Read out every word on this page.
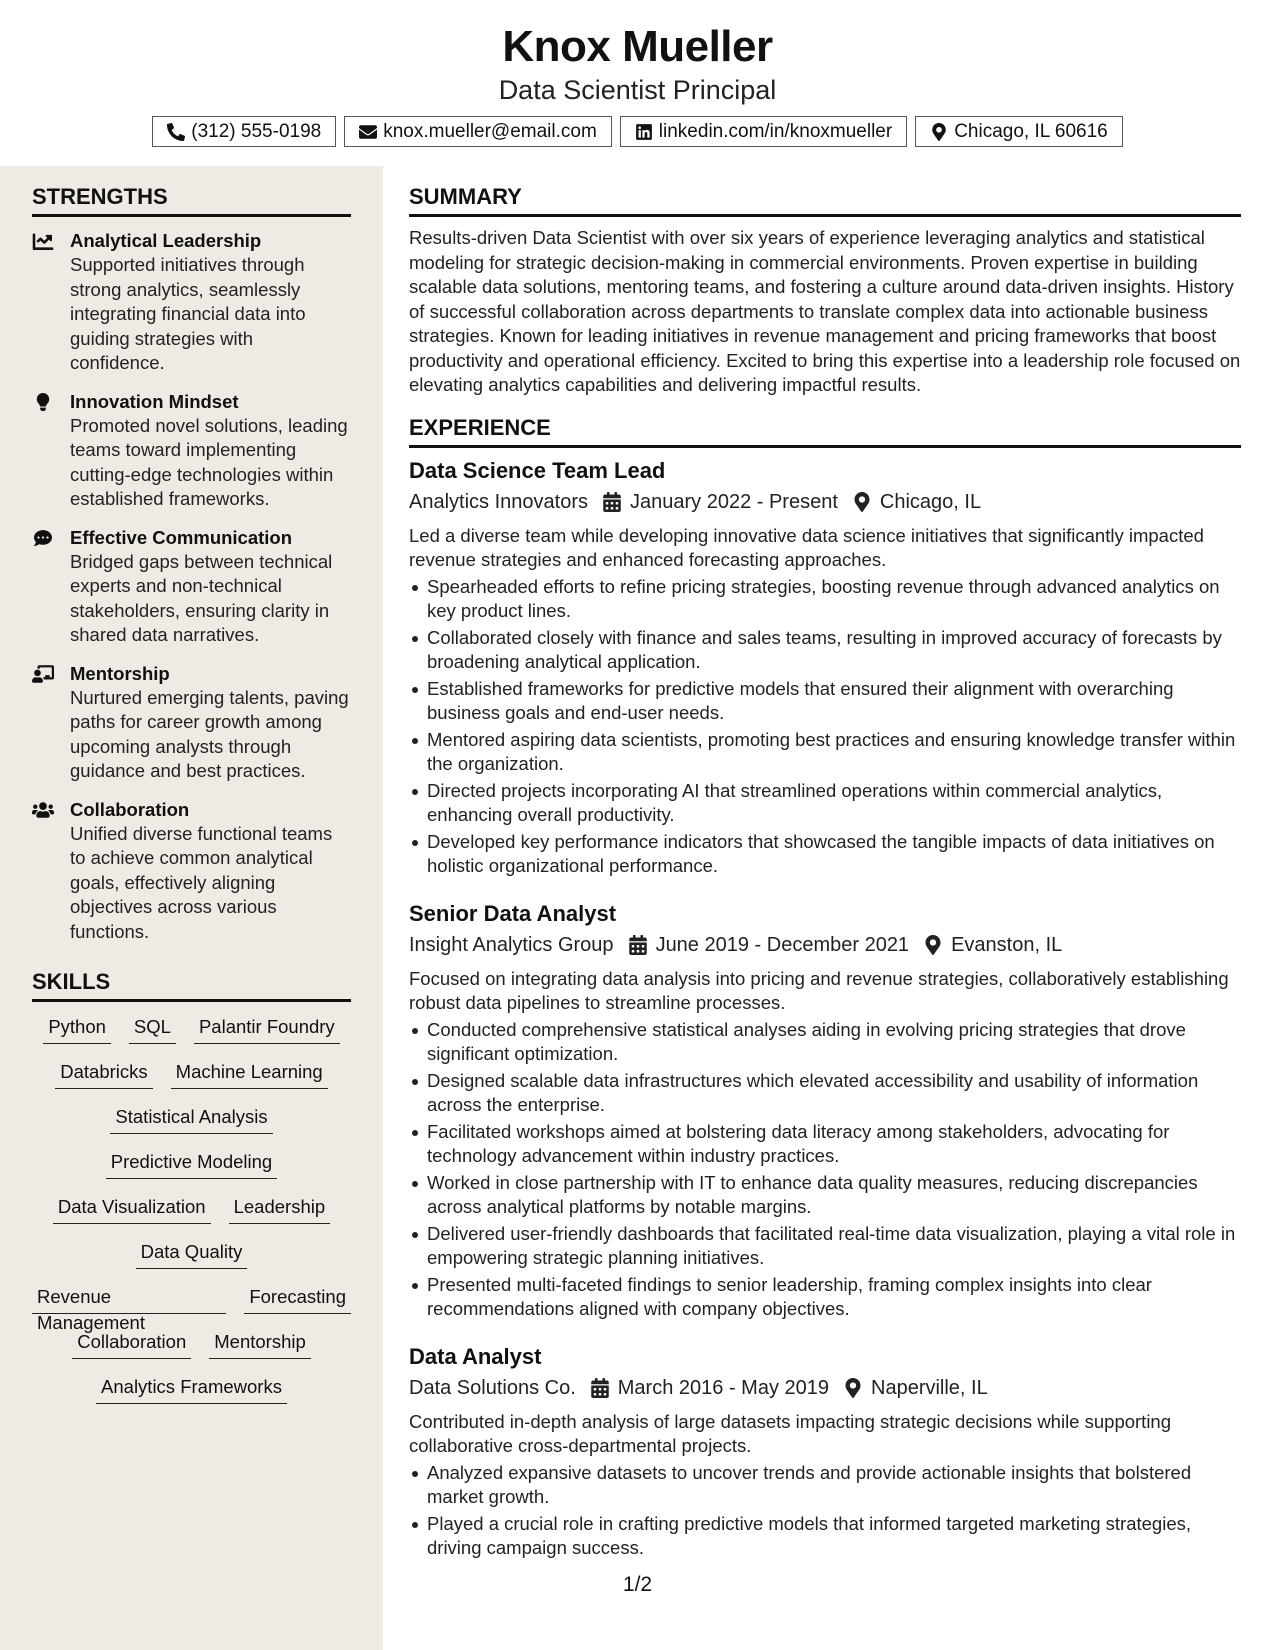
Knox Mueller
Data Scientist Principal
(312) 555-0198	knox.mueller@email.com	linkedin.com/in/knoxmueller	Chicago, IL 60616
STRENGTHS
Analytical Leadership
Supported initiatives through strong analytics, seamlessly integrating financial data into guiding strategies with confidence.
Innovation Mindset
Promoted novel solutions, leading teams toward implementing cutting-edge technologies within established frameworks.
Effective Communication
Bridged gaps between technical experts and non-technical stakeholders, ensuring clarity in shared data narratives.
Mentorship
Nurtured emerging talents, paving paths for career growth among upcoming analysts through guidance and best practices.
Collaboration
Unified diverse functional teams to achieve common analytical goals, effectively aligning objectives across various functions.
SKILLS
Python SQL Palantir Foundry
Databricks Machine Learning
Statistical Analysis
Predictive Modeling
Data Visualization Leadership
Data Quality
Revenue Management
Forecasting
Collaboration Mentorship
Analytics Frameworks
SUMMARY
Results-driven Data Scientist with over six years of experience leveraging analytics and statistical modeling for strategic decision-making in commercial environments. Proven expertise in building scalable data solutions, mentoring teams, and fostering a culture around data-driven insights. History of successful collaboration across departments to translate complex data into actionable business strategies. Known for leading initiatives in revenue management and pricing frameworks that boost productivity and operational efficiency. Excited to bring this expertise into a leadership role focused on elevating analytics capabilities and delivering impactful results.
EXPERIENCE
Data Science Team Lead
Analytics Innovators January 2022 - Present Chicago, IL
Led a diverse team while developing innovative data science initiatives that significantly impacted revenue strategies and enhanced forecasting approaches.
Spearheaded efforts to refine pricing strategies, boosting revenue through advanced analytics on key product lines.
Collaborated closely with finance and sales teams, resulting in improved accuracy of forecasts by broadening analytical application.
Established frameworks for predictive models that ensured their alignment with overarching business goals and end-user needs.
Mentored aspiring data scientists, promoting best practices and ensuring knowledge transfer within the organization.
Directed projects incorporating AI that streamlined operations within commercial analytics, enhancing overall productivity.
Developed key performance indicators that showcased the tangible impacts of data initiatives on holistic organizational performance.
Senior Data Analyst
Insight Analytics Group June 2019 - December 2021 Evanston, IL
Focused on integrating data analysis into pricing and revenue strategies, collaboratively establishing robust data pipelines to streamline processes.
Conducted comprehensive statistical analyses aiding in evolving pricing strategies that drove significant optimization.
Designed scalable data infrastructures which elevated accessibility and usability of information across the enterprise.
Facilitated workshops aimed at bolstering data literacy among stakeholders, advocating for technology advancement within industry practices.
Worked in close partnership with IT to enhance data quality measures, reducing discrepancies across analytical platforms by notable margins.
Delivered user-friendly dashboards that facilitated real-time data visualization, playing a vital role in empowering strategic planning initiatives.
Presented multi-faceted findings to senior leadership, framing complex insights into clear recommendations aligned with company objectives.
Data Analyst
Data Solutions Co. March 2016 - May 2019 Naperville, IL
Contributed in-depth analysis of large datasets impacting strategic decisions while supporting collaborative cross-departmental projects.
Analyzed expansive datasets to uncover trends and provide actionable insights that bolstered market growth.
Played a crucial role in crafting predictive models that informed targeted marketing strategies, driving campaign success.
1/2
